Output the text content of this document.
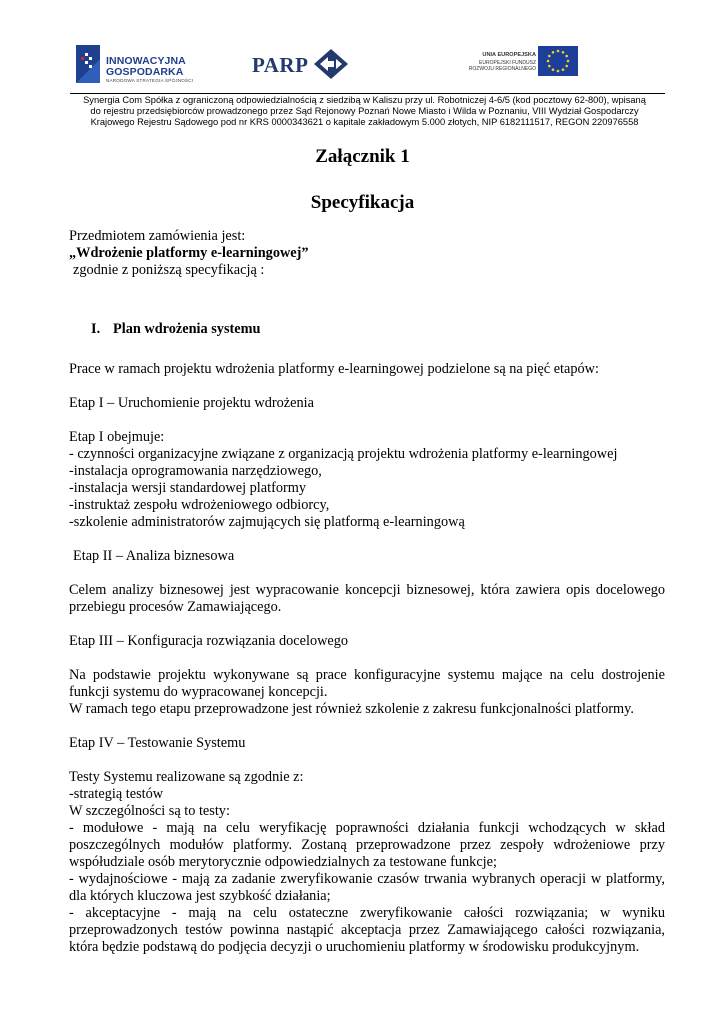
INNOWACYJNA
GOSPODARKA
NARODOWA STRATEGIA SPÓJNOŚCI
PARP	UNIA EUROPEJSKA
EUROPEJSKI FUNDUSZ
ROZWOJU REGIONALNEGO
Synergia Com Spółka z ograniczoną odpowiedzialnością z siedzibą w Kaliszu przy ul. Robotniczej 4-6/5 (kod pocztowy 62-800), wpisaną
do rejestru przedsiębiorców prowadzonego przez Sąd Rejonowy Poznań Nowe Miasto i Wilda w Poznaniu, VIII Wydział Gospodarczy
Krajowego Rejestru Sądowego pod nr KRS 0000343621 o kapitale zakładowym 5.000 złotych, NIP 6182111517, REGON 220976558
Załącznik 1
Specyfikacja

Przedmiotem zamówienia jest:

„Wdrożenie platformy e-learningowej”

zgodnie z poniższą specyfikacją :

I. Plan wdrożenia systemu

Prace w ramach projektu wdrożenia platformy e-learningowej podzielone są na pięć etapów:

Etap I – Uruchomienie projektu wdrożenia

Etap I obejmuje:

- czynności organizacyjne związane z organizacją projektu wdrożenia platformy e-learningowej

-instalacja oprogramowania narzędziowego,

-instalacja wersji standardowej platformy

-instruktaż zespołu wdrożeniowego odbiorcy,

-szkolenie administratorów zajmujących się platformą e-learningową

Etap II – Analiza biznesowa

Celem analizy biznesowej jest wypracowanie koncepcji biznesowej, która zawiera opis docelowego przebiegu procesów Zamawiającego.

Etap III – Konfiguracja rozwiązania docelowego

Na podstawie projektu wykonywane są prace konfiguracyjne systemu mające na celu dostrojenie funkcji systemu do wypracowanej koncepcji.

W ramach tego etapu przeprowadzone jest również szkolenie z zakresu funkcjonalności platformy.

Etap IV – Testowanie Systemu

Testy Systemu realizowane są zgodnie z:

-strategią testów

W szczególności są to testy:

- modułowe - mają na celu weryfikację poprawności działania funkcji wchodzących w skład poszczególnych modułów platformy. Zostaną przeprowadzone przez zespoły wdrożeniowe przy współudziale osób merytorycznie odpowiedzialnych za testowane funkcje;

- wydajnościowe - mają za zadanie zweryfikowanie czasów trwania wybranych operacji w platformy, dla których kluczowa jest szybkość działania;

- akceptacyjne - mają na celu ostateczne zweryfikowanie całości rozwiązania; w wyniku przeprowadzonych testów powinna nastąpić akceptacja przez Zamawiającego całości rozwiązania, która będzie podstawą do podjęcia decyzji o uruchomieniu platformy w środowisku produkcyjnym.
